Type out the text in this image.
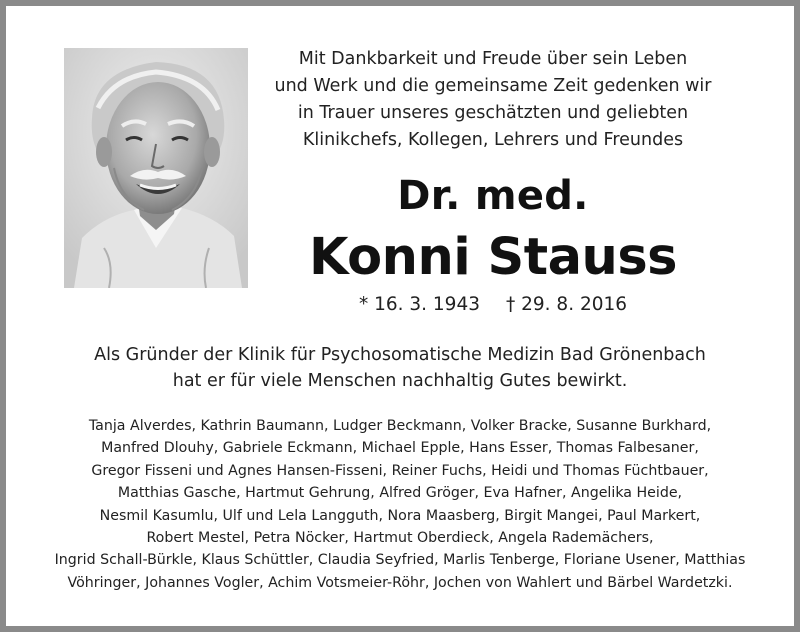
Mit Dankbarkeit und Freude über sein Leben
und Werk und die gemeinsame Zeit gedenken wir
in Trauer unseres geschätzten und geliebten
Klinikchefs, Kollegen, Lehrers und Freundes
Dr. med.
Konni Stauss
* 16. 3. 1943 † 29. 8. 2016
Als Gründer der Klinik für Psychosomatische Medizin Bad Grönenbach
hat er für viele Menschen nachhaltig Gutes bewirkt.
Tanja Alverdes, Kathrin Baumann, Ludger Beckmann, Volker Bracke, Susanne Burkhard,
Manfred Dlouhy, Gabriele Eckmann, Michael Epple, Hans Esser, Thomas Falbesaner,
Gregor Fisseni und Agnes Hansen-Fisseni, Reiner Fuchs, Heidi und Thomas Füchtbauer,
Matthias Gasche, Hartmut Gehrung, Alfred Gröger, Eva Hafner, Angelika Heide,
Nesmil Kasumlu, Ulf und Lela Langguth, Nora Maasberg, Birgit Mangei, Paul Markert,
Robert Mestel, Petra Nöcker, Hartmut Oberdieck, Angela Rademächers,
Ingrid Schall-Bürkle, Klaus Schüttler, Claudia Seyfried, Marlis Tenberge, Floriane Usener, Matthias
Vöhringer, Johannes Vogler, Achim Votsmeier-Röhr, Jochen von Wahlert und Bärbel Wardetzki.
